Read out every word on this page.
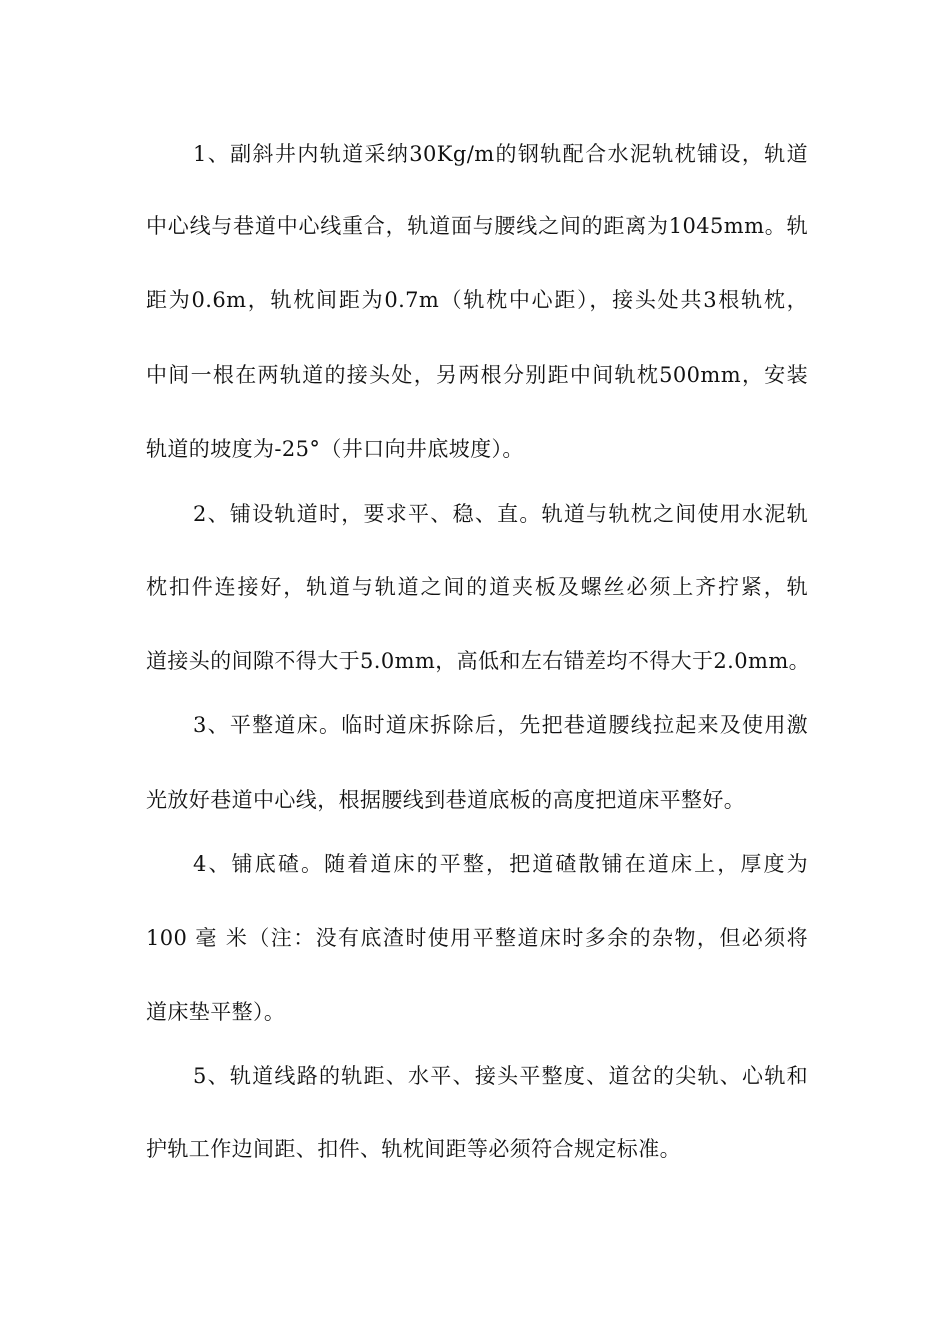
1、副斜井内轨道采纳30Kg/m的钢轨配合水泥轨枕铺设，轨道
中心线与巷道中心线重合，轨道面与腰线之间的距离为1045mm。轨
距为0.6m，轨枕间距为0.7m（轨枕中心距），接头处共3根轨枕，
中间一根在两轨道的接头处，另两根分别距中间轨枕500mm，安装
轨道的坡度为-25°（井口向井底坡度）。
2、铺设轨道时，要求平、稳、直。轨道与轨枕之间使用水泥轨
枕扣件连接好，轨道与轨道之间的道夹板及螺丝必须上齐拧紧，轨
道接头的间隙不得大于5.0mm，高低和左右错差均不得大于2.0mm。
3、平整道床。临时道床拆除后，先把巷道腰线拉起来及使用激
光放好巷道中心线，根据腰线到巷道底板的高度把道床平整好。
4、铺底碴。随着道床的平整，把道碴散铺在道床上，厚度为
100 毫 米（注：没有底渣时使用平整道床时多余的杂物，但必须将
道床垫平整）。
5、轨道线路的轨距、水平、接头平整度、道岔的尖轨、心轨和
护轨工作边间距、扣件、轨枕间距等必须符合规定标准。
